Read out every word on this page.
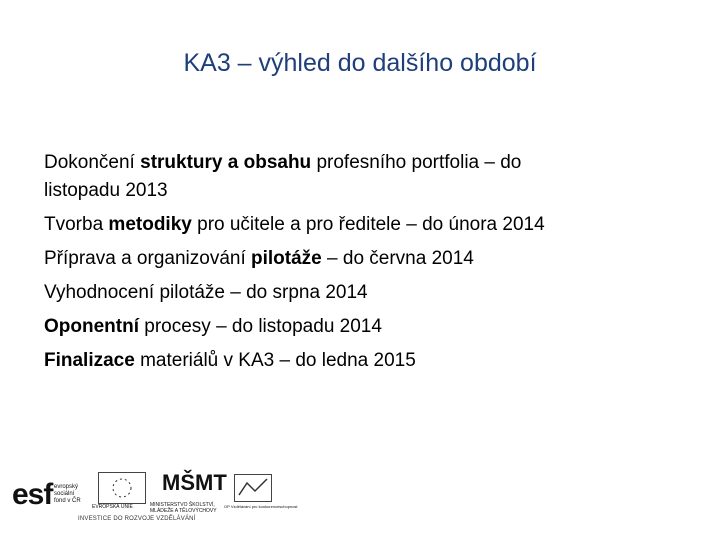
KA3 – výhled do dalšího období

Dokončení struktury a obsahu profesního portfolia – do

listopadu 2013

Tvorba metodiky pro učitele a pro ředitele – do února 2014

Příprava a organizování pilotáže – do června 2014

Vyhodnocení pilotáže – do srpna 2014

Oponentní procesy – do listopadu 2014

Finalizace materiálů v KA3 – do ledna 2015

esf evropský
sociální
fond v ČR
EVROPSKÁ UNIE
MŠMT
MINISTERSTVO ŠKOLSTVÍ,
MLÁDEŽE A TĚLOVÝCHOVY
OP Vzdělávání pro konkurenceschopnost
INVESTICE DO ROZVOJE VZDĚLÁVÁNÍ
